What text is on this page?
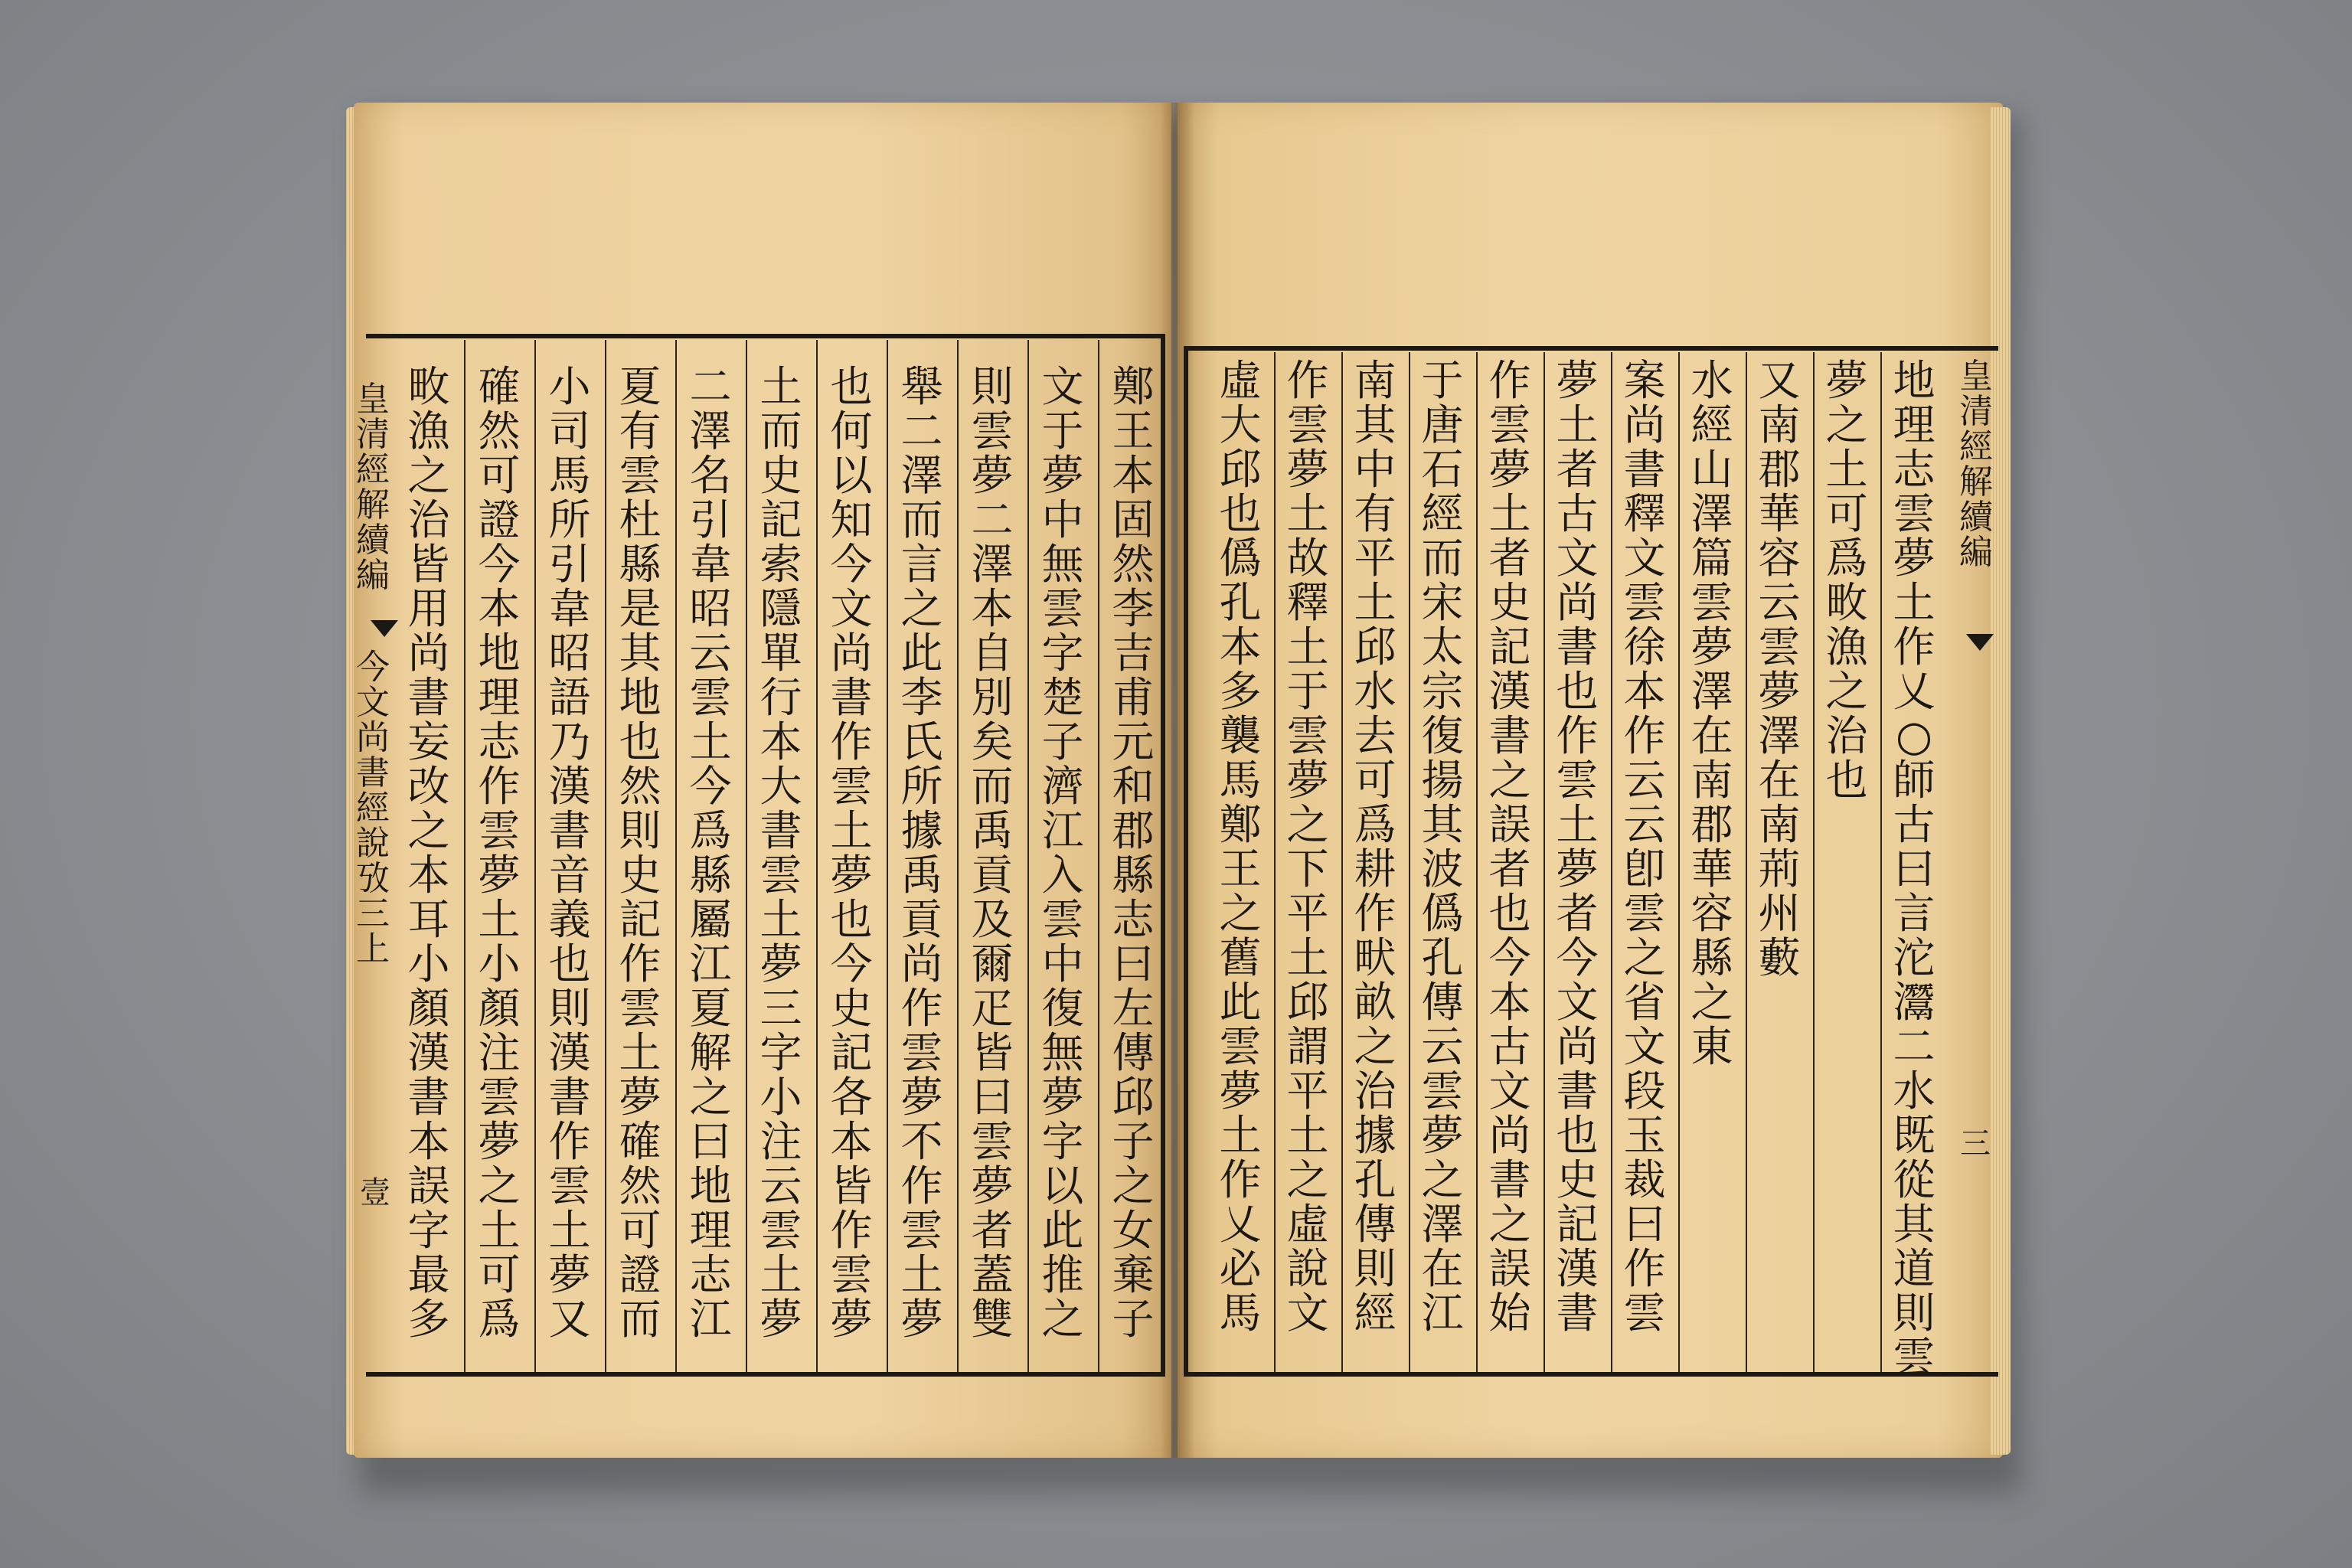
鄭
王
本
固
然
李
吉
甫
元
和
郡
縣
志
曰
左
傳
邱
子
之
女
棄
子
文
于
夢
中
無
雲
字
楚
子
濟
江
入
雲
中
復
無
夢
字
以
此
推
之
則
雲
夢
二
澤
本
自
別
矣
而
禹
貢
及
爾
疋
皆
曰
雲
夢
者
蓋
雙
舉
二
澤
而
言
之
此
李
氏
所
據
禹
貢
尚
作
雲
夢
不
作
雲
土
夢
也
何
以
知
今
文
尚
書
作
雲
土
夢
也
今
史
記
各
本
皆
作
雲
夢
土
而
史
記
索
隱
單
行
本
大
書
雲
土
夢
三
字
小
注
云
雲
土
夢
二
澤
名
引
韋
昭
云
雲
土
今
爲
縣
屬
江
夏
解
之
曰
地
理
志
江
夏
有
雲
杜
縣
是
其
地
也
然
則
史
記
作
雲
土
夢
確
然
可
證
而
小
司
馬
所
引
韋
昭
語
乃
漢
書
音
義
也
則
漢
書
作
雲
土
夢
又
確
然
可
證
今
本
地
理
志
作
雲
夢
土
小
顏
注
雲
夢
之
土
可
爲
畋
漁
之
治
皆
用
尚
書
妄
改
之
本
耳
小
顏
漢
書
本
誤
字
最
多
地
理
志
雲
夢
土
作
乂
○
師
古
曰
言
沱
灊
二
水
既
從
其
道
則
雲
夢
之
土
可
爲
畋
漁
之
治
也
又
南
郡
華
容
云
雲
夢
澤
在
南
荊
州
藪
水
經
山
澤
篇
雲
夢
澤
在
南
郡
華
容
縣
之
東
案
尚
書
釋
文
雲
徐
本
作
云
云
卽
雲
之
省
文
段
玉
裁
曰
作
雲
夢
土
者
古
文
尚
書
也
作
雲
土
夢
者
今
文
尚
書
也
史
記
漢
書
作
雲
夢
土
者
史
記
漢
書
之
誤
者
也
今
本
古
文
尚
書
之
誤
始
于
唐
石
經
而
宋
太
宗
復
揚
其
波
僞
孔
傳
云
雲
夢
之
澤
在
江
南
其
中
有
平
土
邱
水
去
可
爲
耕
作
畎
畝
之
治
據
孔
傳
則
經
作
雲
夢
土
故
釋
土
于
雲
夢
之
下
平
土
邱
謂
平
土
之
虛
說
文
虛
大
邱
也
僞
孔
本
多
襲
馬
鄭
王
之
舊
此
雲
夢
土
作
乂
必
馬
皇
清
經
解
續
編
今
文
尚
書
經
說
攷
三
上
壹
皇
清
經
解
續
編
三
